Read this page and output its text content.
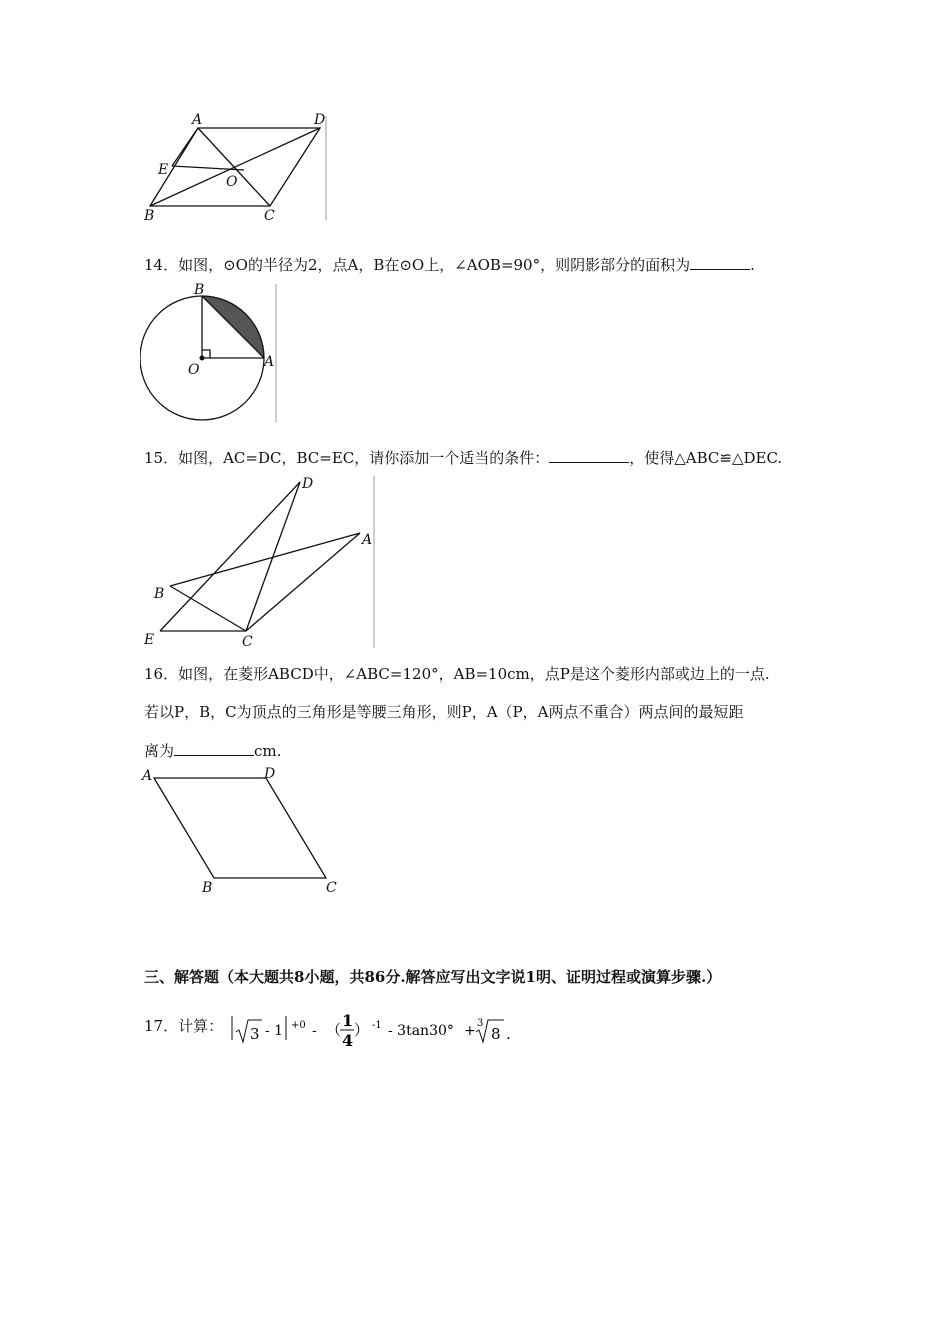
A	D
E
O
B	C
14．如图，⊙O的半径为2，点A，B在⊙O上，∠AOB=90°，则阴影部分的面积为	.
B
O	A
15．如图，AC=DC，BC=EC，请你添加一个适当的条件：	，使得△ABC≌△DEC.
D
A
B
E	C
16．如图，在菱形ABCD中，∠ABC=120°，AB=10cm，点P是这个菱形内部或边上的一点.
若以P，B，C为顶点的三角形是等腰三角形，则P，A（P，A两点不重合）两点间的最短距
离为	cm.
A	D
B	C
三、解答题（本大题共8小题，共86分.解答应写出文字说1明、证明过程或演算步骤.）
17．计算： 3 - 1 +0 - （ 1
4
） -1 - 3tan30° + 3
8 .
